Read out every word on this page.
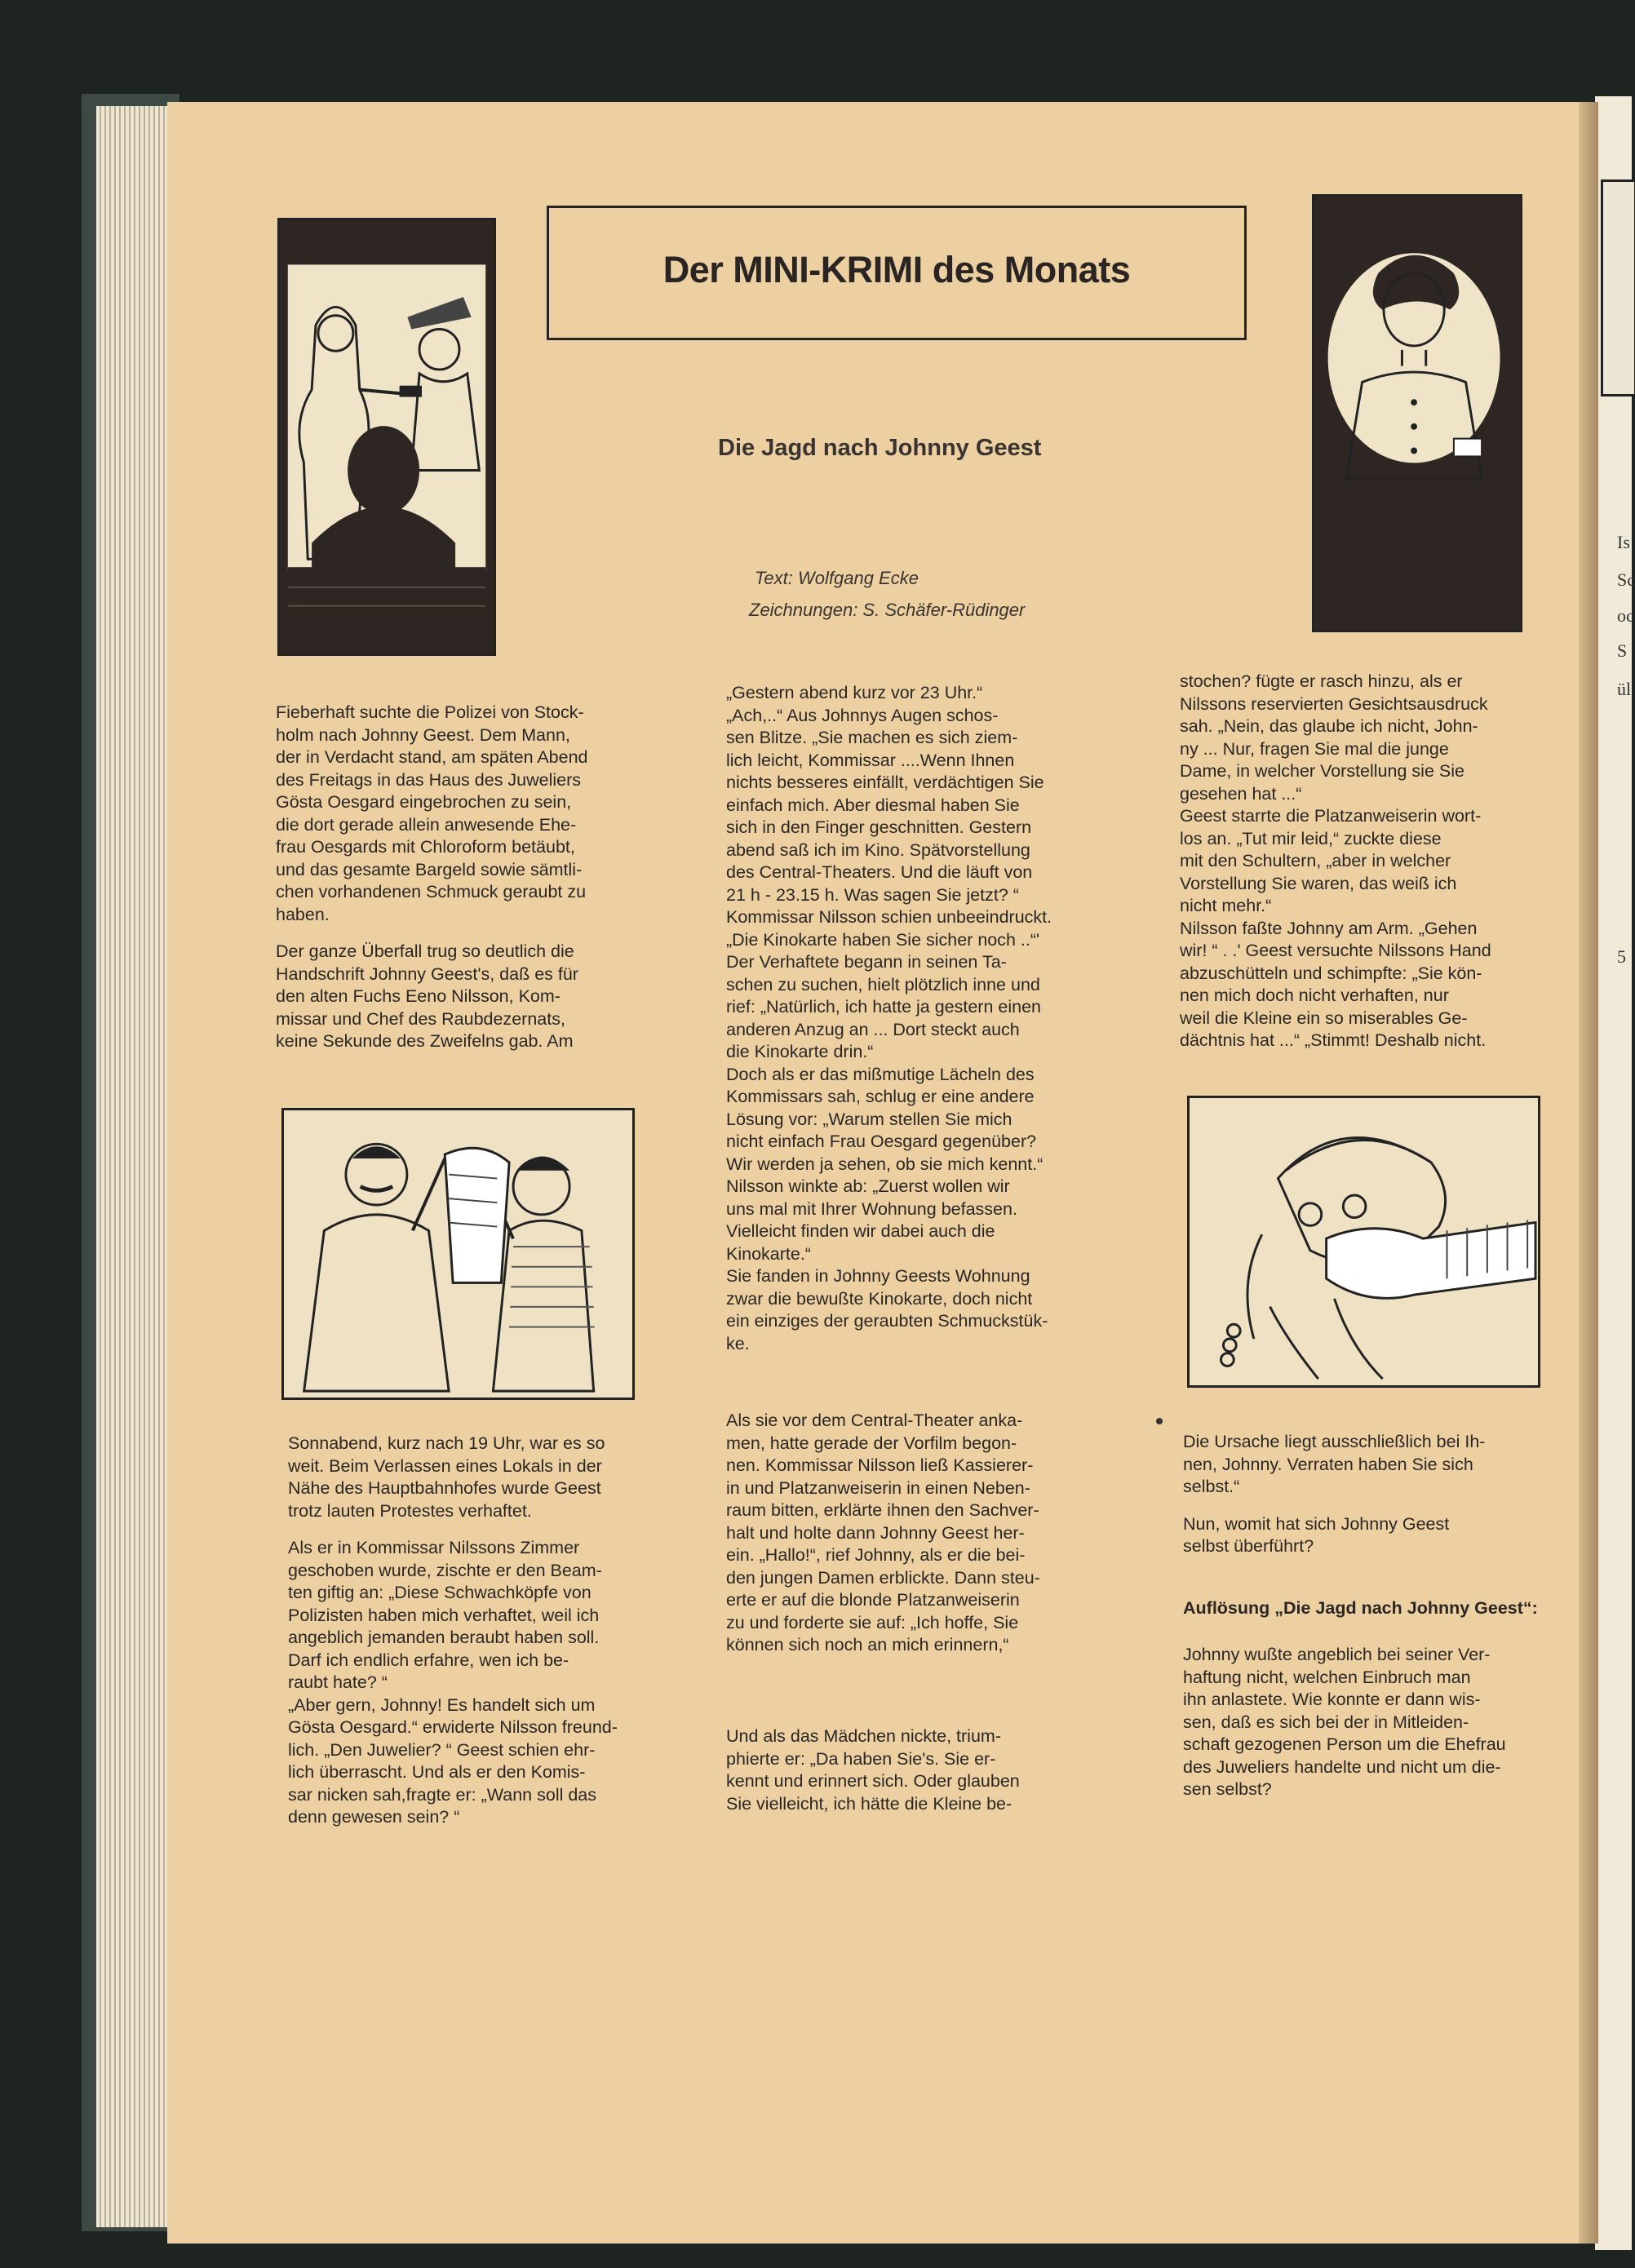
Is
Sc
oc
S
ül
5
Der MINI-KRIMI des Monats
Die Jagd nach Johnny Geest
Text: Wolfgang Ecke
Zeichnungen: S. Schäfer-Rüdinger

Fieberhaft suchte die Polizei von Stock-
holm nach Johnny Geest. Dem Mann,
der in Verdacht stand, am späten Abend
des Freitags in das Haus des Juweliers
Gösta Oesgard eingebrochen zu sein,
die dort gerade allein anwesende Ehe-
frau Oesgards mit Chloroform betäubt,
und das gesamte Bargeld sowie sämtli-
chen vorhandenen Schmuck geraubt zu
haben.

Der ganze Überfall trug so deutlich die
Handschrift Johnny Geest's, daß es für
den alten Fuchs Eeno Nilsson, Kom-
missar und Chef des Raubdezernats,
keine Sekunde des Zweifelns gab. Am

Sonnabend, kurz nach 19 Uhr, war es so
weit. Beim Verlassen eines Lokals in der
Nähe des Hauptbahnhofes wurde Geest
trotz lauten Protestes verhaftet.

Als er in Kommissar Nilssons Zimmer
geschoben wurde, zischte er den Beam-
ten giftig an: „Diese Schwachköpfe von
Polizisten haben mich verhaftet, weil ich
angeblich jemanden beraubt haben soll.
Darf ich endlich erfahre, wen ich be-
raubt hate? “
„Aber gern, Johnny! Es handelt sich um
Gösta Oesgard.“ erwiderte Nilsson freund-
lich. „Den Juwelier? “ Geest schien ehr-
lich überrascht. Und als er den Komis-
sar nicken sah,fragte er: „Wann soll das
denn gewesen sein? “

„Gestern abend kurz vor 23 Uhr.“
„Ach,..“ Aus Johnnys Augen schos-
sen Blitze. „Sie machen es sich ziem-
lich leicht, Kommissar ....Wenn Ihnen
nichts besseres einfällt, verdächtigen Sie
einfach mich. Aber diesmal haben Sie
sich in den Finger geschnitten. Gestern
abend saß ich im Kino. Spätvorstellung
des Central-Theaters. Und die läuft von
21 h - 23.15 h. Was sagen Sie jetzt? “
Kommissar Nilsson schien unbeeindruckt.
„Die Kinokarte haben Sie sicher noch ..“'
Der Verhaftete begann in seinen Ta-
schen zu suchen, hielt plötzlich inne und
rief: „Natürlich, ich hatte ja gestern einen
anderen Anzug an ... Dort steckt auch
die Kinokarte drin.“
Doch als er das mißmutige Lächeln des
Kommissars sah, schlug er eine andere
Lösung vor: „Warum stellen Sie mich
nicht einfach Frau Oesgard gegenüber?
Wir werden ja sehen, ob sie mich kennt.“
Nilsson winkte ab: „Zuerst wollen wir
uns mal mit Ihrer Wohnung befassen.
Vielleicht finden wir dabei auch die
Kinokarte.“
Sie fanden in Johnny Geests Wohnung
zwar die bewußte Kinokarte, doch nicht
ein einziges der geraubten Schmuckstük-
ke.

Als sie vor dem Central-Theater anka-
men, hatte gerade der Vorfilm begon-
nen. Kommissar Nilsson ließ Kassierer-
in und Platzanweiserin in einen Neben-
raum bitten, erklärte ihnen den Sachver-
halt und holte dann Johnny Geest her-
ein. „Hallo!“, rief Johnny, als er die bei-
den jungen Damen erblickte. Dann steu-
erte er auf die blonde Platzanweiserin
zu und forderte sie auf: „Ich hoffe, Sie
können sich noch an mich erinnern,“

Und als das Mädchen nickte, trium-
phierte er: „Da haben Sie's. Sie er-
kennt und erinnert sich. Oder glauben
Sie vielleicht, ich hätte die Kleine be-

stochen? fügte er rasch hinzu, als er
Nilssons reservierten Gesichtsausdruck
sah. „Nein, das glaube ich nicht, John-
ny ... Nur, fragen Sie mal die junge
Dame, in welcher Vorstellung sie Sie
gesehen hat ...“
Geest starrte die Platzanweiserin wort-
los an. „Tut mir leid,“ zuckte diese
mit den Schultern, „aber in welcher
Vorstellung Sie waren, das weiß ich
nicht mehr.“
Nilsson faßte Johnny am Arm. „Gehen
wir! “ . .' Geest versuchte Nilssons Hand
abzuschütteln und schimpfte: „Sie kön-
nen mich doch nicht verhaften, nur
weil die Kleine ein so miserables Ge-
dächtnis hat ...“ „Stimmt! Deshalb nicht.

Die Ursache liegt ausschließlich bei Ih-
nen, Johnny. Verraten haben Sie sich
selbst.“

Nun, womit hat sich Johnny Geest
selbst überführt?

Auflösung „Die Jagd nach Johnny Geest“:

Johnny wußte angeblich bei seiner Ver-
haftung nicht, welchen Einbruch man
ihn anlastete. Wie konnte er dann wis-
sen, daß es sich bei der in Mitleiden-
schaft gezogenen Person um die Ehefrau
des Juweliers handelte und nicht um die-
sen selbst?
